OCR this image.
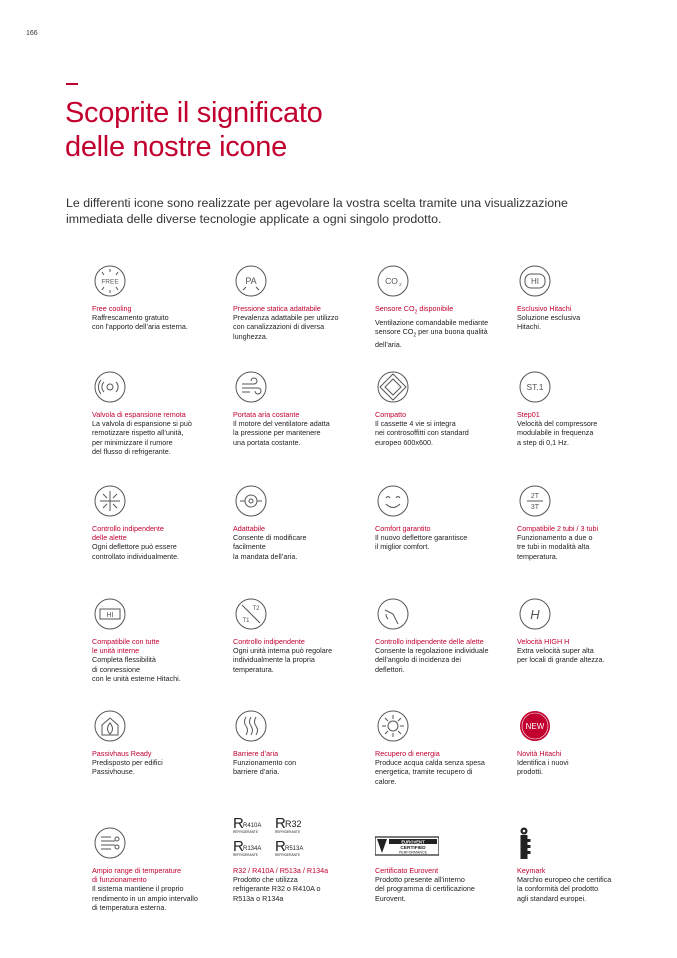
166
Scoprite il significato
delle nostre icone

Le differenti icone sono realizzate per agevolare la vostra scelta tramite una visualizzazione immediata delle diverse tecnologie applicate a ogni singolo prodotto.

FREE
Free cooling
Raffrescamento gratuito
con l’apporto dell’aria esterna.
PA
Pressione statica adattabile
Prevalenza adattabile per utilizzo
con canalizzazioni di diversa
lunghezza.
CO 2
Sensore $CO_2$ disponibile
Ventilazione comandabile mediante
sensore $CO_2$ per una buona qualità
dell’aria.
HI
Esclusivo Hitachi
Soluzione esclusiva
Hitachi.
Valvola di espansione remota
La valvola di espansione si può
remotizzare rispetto all’unità,
per minimizzare il rumore
del flusso di refrigerante.
Portata aria costante
Il motore del ventilatore adatta
la pressione per mantenere
una portata costante.
Compatto
Il cassette 4 vie si integra
nei controsoffitti con standard
europeo 600x600.
ST.1
Step01
Velocità del compressore
modulabile in frequenza
a step di 0,1 Hz.
Controllo indipendente
delle alette
Ogni deflettore può essere
controllato individualmente.
Adattabile
Consente di modificare
facilmente
la mandata dell’aria.
Comfort garantito
Il nuovo deflettore garantisce
il miglior comfort.
2T
3T
Compatibile 2 tubi / 3 tubi
Funzionamento a due o
tre tubi in modalità alta
temperatura.
HI
Compatibile con tutte
le unità interne
Completa flessibilità
di connessione
con le unità esterne Hitachi.
T2
T1
Controllo indipendente
Ogni unità interna può regolare
individualmente la propria
temperatura.
Controllo indipendente delle alette
Consente la regolazione individuale
dell’angolo di incidenza dei
deflettori.
H
Velocità HIGH H
Extra velocità super alta
per locali di grande altezza.
Passivhaus Ready
Predisposto per edifici
Passivhouse.
Barriere d’aria
Funzionamento con
barriere d’aria.
Recupero di energia
Produce acqua calda senza spesa
energetica, tramite recupero di
calore.
NEW
Novità Hitachi
Identifica i nuovi
prodotti.
Ampio range di temperature
di funzionamento
Il sistema mantiene il proprio
rendimento in un ampio intervallo
di temperatura esterna.
R R410A
REFRIGERANTE R R32
REFRIGERANTE
R R134A
REFRIGERANTE R R513A
REFRIGERANTE
R32 / R410A / R513a / R134a
Prodotto che utilizza
refrigerante R32 o R410A o
R513a o R134a
EUROVENT
CERTIFIED
PERFORMANCE
Certificato Eurovent
Prodotto presente all’interno
del programma di certificazione
Eurovent.
Keymark
Marchio europeo che certifica
la conformità del prodotto
agli standard europei.
